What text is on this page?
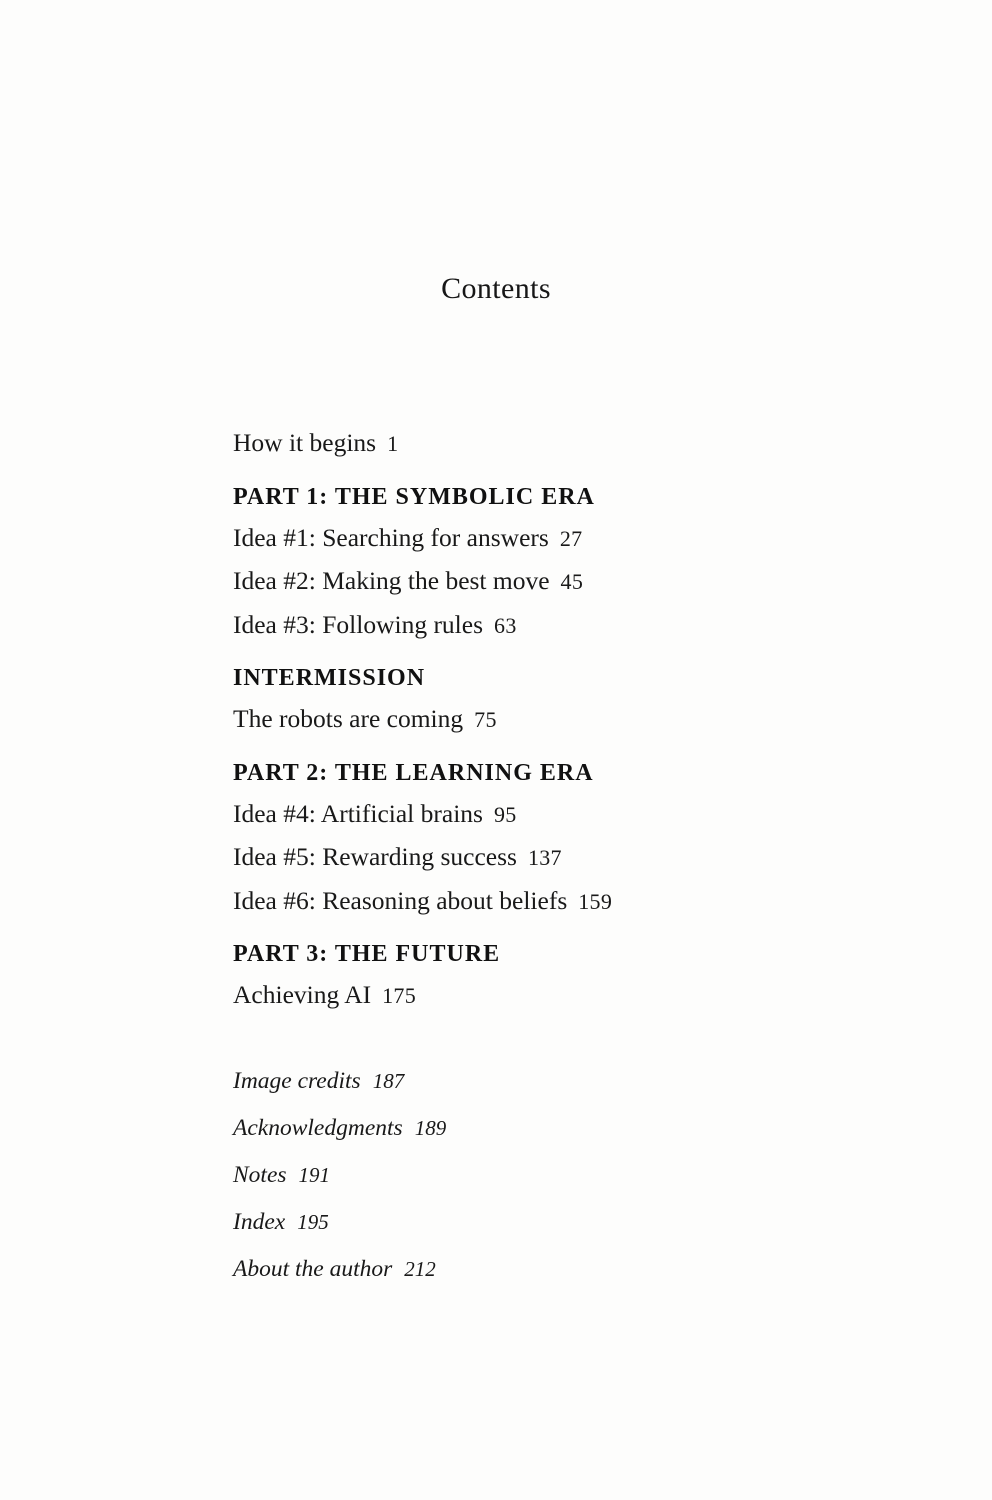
Contents
How it begins 1
PART 1: THE SYMBOLIC ERA
Idea #1: Searching for answers 27
Idea #2: Making the best move 45
Idea #3: Following rules 63
INTERMISSION
The robots are coming 75
PART 2: THE LEARNING ERA
Idea #4: Artificial brains 95
Idea #5: Rewarding success 137
Idea #6: Reasoning about beliefs 159
PART 3: THE FUTURE
Achieving AI 175
Image credits 187
Acknowledgments 189
Notes 191
Index 195
About the author 212
